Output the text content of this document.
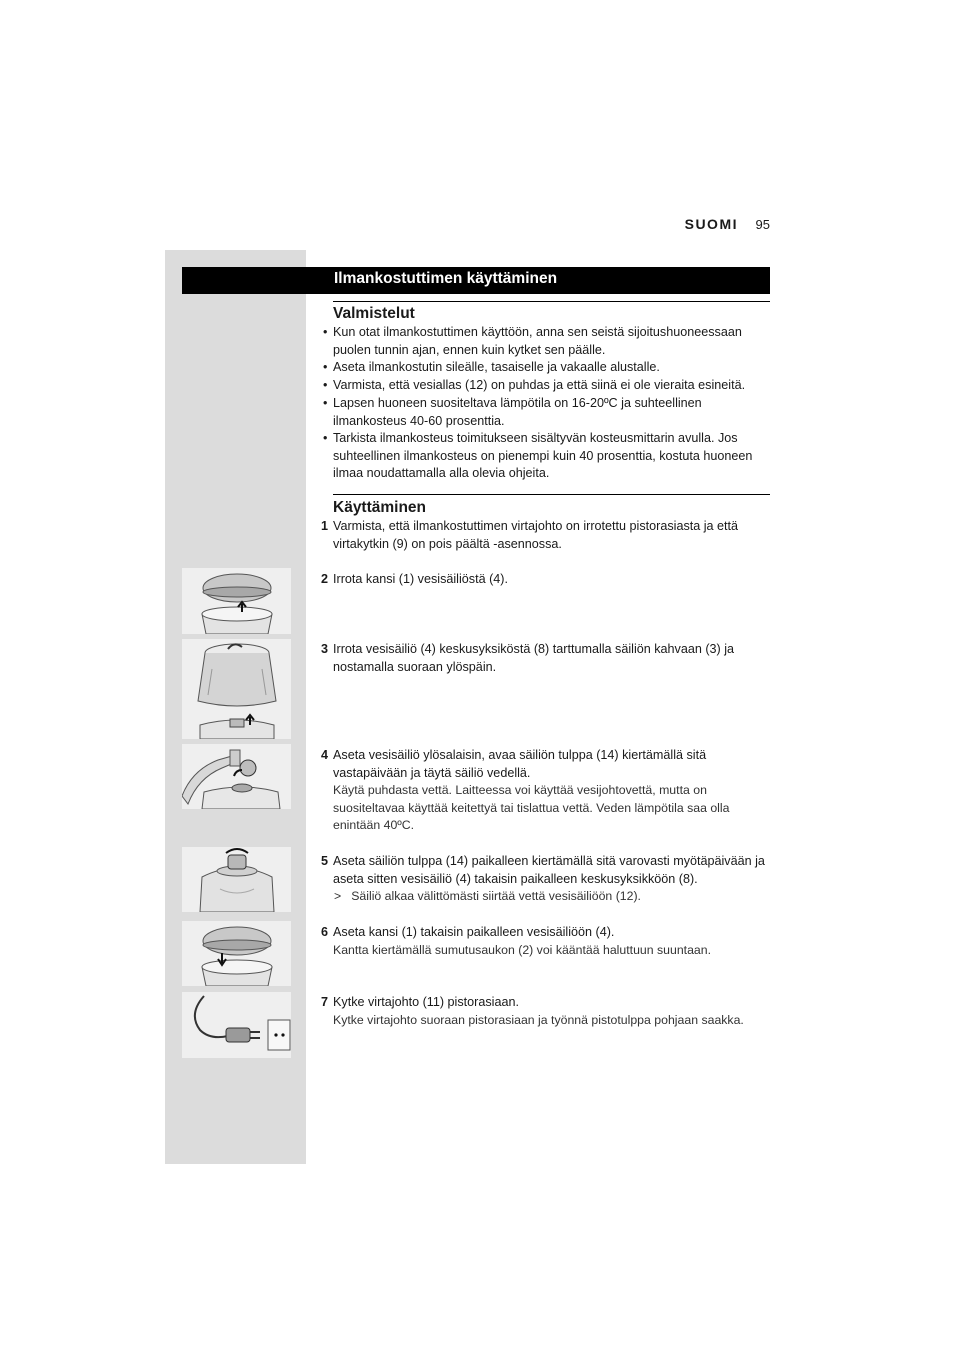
SUOMI 95
Ilmankostuttimen käyttäminen
Valmistelut

• Kun otat ilmankostuttimen käyttöön, anna sen seistä sijoitushuoneessaan puolen tunnin ajan, ennen kuin kytket sen päälle.

• Aseta ilmankostutin sileälle, tasaiselle ja vakaalle alustalle.

• Varmista, että vesiallas (12) on puhdas ja että siinä ei ole vieraita esineitä.

• Lapsen huoneen suositeltava lämpötila on 16-20ºC ja suhteellinen ilmankosteus 40-60 prosenttia.

• Tarkista ilmankosteus toimitukseen sisältyvän kosteusmittarin avulla. Jos suhteellinen ilmankosteus on pienempi kuin 40 prosenttia, kostuta huoneen ilmaa noudattamalla alla olevia ohjeita.

Käyttäminen

1 Varmista, että ilmankostuttimen virtajohto on irrotettu pistorasiasta ja että virtakytkin (9) on pois päältä -asennossa.

2 Irrota kansi (1) vesisäiliöstä (4).

3 Irrota vesisäiliö (4) keskusyksiköstä (8) tarttumalla säiliön kahvaan (3) ja nostamalla suoraan ylöspäin.

4 Aseta vesisäiliö ylösalaisin, avaa säiliön tulppa (14) kiertämällä sitä vastapäivään ja täytä säiliö vedellä.
Käytä puhdasta vettä. Laitteessa voi käyttää vesijohtovettä, mutta on suositeltavaa käyttää keitettyä tai tislattua vettä. Veden lämpötila saa olla enintään 40ºC.

5 Aseta säiliön tulppa (14) paikalleen kiertämällä sitä varovasti myötäpäivään ja aseta sitten vesisäiliö (4) takaisin paikalleen keskusyksikköön (8).
> Säiliö alkaa välittömästi siirtää vettä vesisäiliöön (12).

6 Aseta kansi (1) takaisin paikalleen vesisäiliöön (4).
Kantta kiertämällä sumutusaukon (2) voi kääntää haluttuun suuntaan.

7 Kytke virtajohto (11) pistorasiaan.
Kytke virtajohto suoraan pistorasiaan ja työnnä pistotulppa pohjaan saakka.
